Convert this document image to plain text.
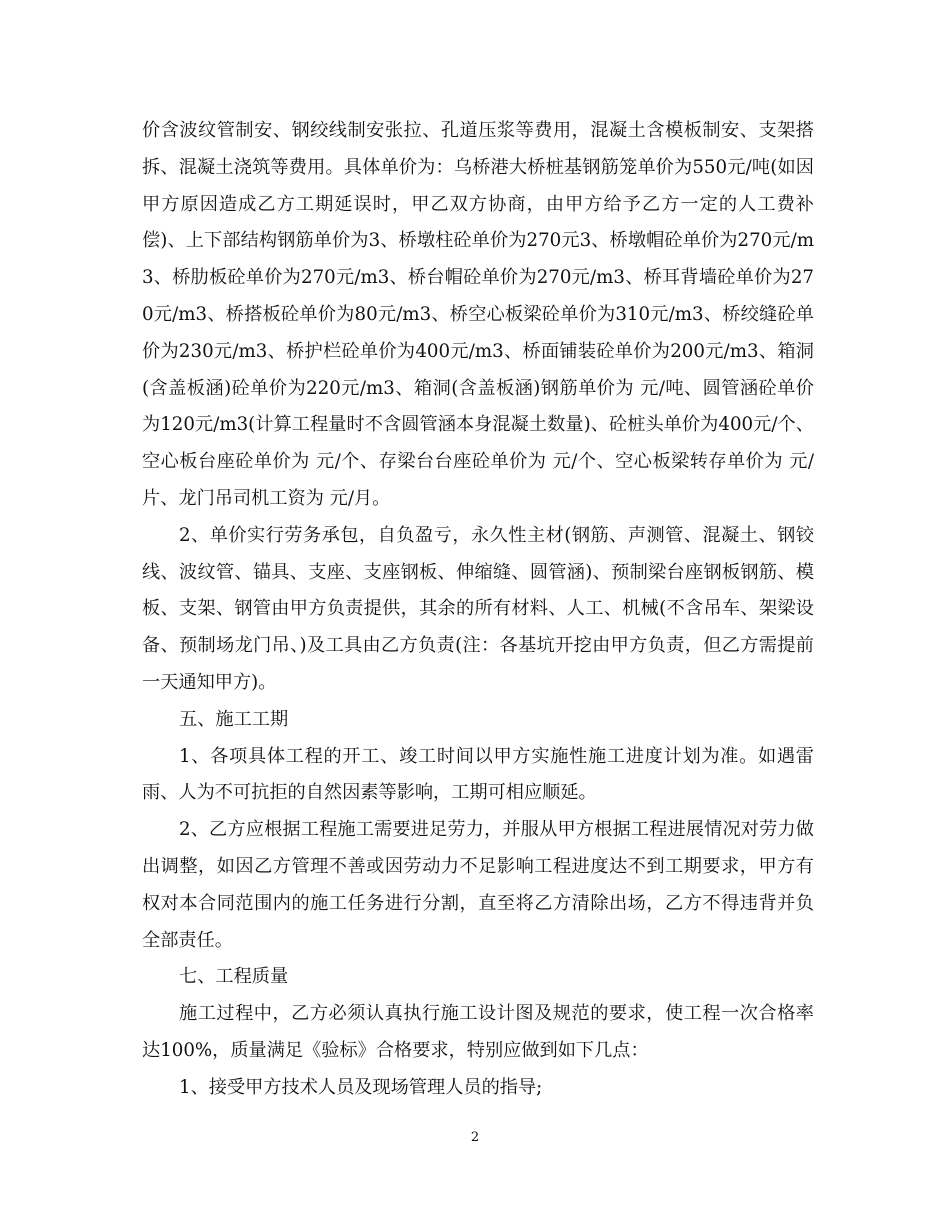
价含波纹管制安、钢绞线制安张拉、孔道压浆等费用，混凝土含模板制安、支架搭拆、混凝土浇筑等费用。具体单价为：乌桥港大桥桩基钢筋笼单价为550元/吨(如因甲方原因造成乙方工期延误时，甲乙双方协商，由甲方给予乙方一定的人工费补偿)、上下部结构钢筋单价为3、桥墩柱砼单价为270元3、桥墩帽砼单价为270元/m3、桥肋板砼单价为270元/m3、桥台帽砼单价为270元/m3、桥耳背墙砼单价为270元/m3、桥搭板砼单价为80元/m3、桥空心板梁砼单价为310元/m3、桥绞缝砼单价为230元/m3、桥护栏砼单价为400元/m3、桥面铺装砼单价为200元/m3、箱洞(含盖板涵)砼单价为220元/m3、箱洞(含盖板涵)钢筋单价为 元/吨、圆管涵砼单价为120元/m3(计算工程量时不含圆管涵本身混凝土数量)、砼桩头单价为400元/个、空心板台座砼单价为 元/个、存梁台台座砼单价为 元/个、空心板梁转存单价为 元/片、龙门吊司机工资为 元/月。

2、单价实行劳务承包，自负盈亏，永久性主材(钢筋、声测管、混凝土、钢铰线、波纹管、锚具、支座、支座钢板、伸缩缝、圆管涵)、预制梁台座钢板钢筋、模板、支架、钢管由甲方负责提供，其余的所有材料、人工、机械(不含吊车、架梁设备、预制场龙门吊、)及工具由乙方负责(注：各基坑开挖由甲方负责，但乙方需提前一天通知甲方)。

五、施工工期

1、各项具体工程的开工、竣工时间以甲方实施性施工进度计划为准。如遇雷雨、人为不可抗拒的自然因素等影响，工期可相应顺延。

2、乙方应根据工程施工需要进足劳力，并服从甲方根据工程进展情况对劳力做出调整，如因乙方管理不善或因劳动力不足影响工程进度达不到工期要求，甲方有权对本合同范围内的施工任务进行分割，直至将乙方清除出场，乙方不得违背并负全部责任。

七、工程质量

施工过程中，乙方必须认真执行施工设计图及规范的要求，使工程一次合格率达100%，质量满足《验标》合格要求，特别应做到如下几点：

1、接受甲方技术人员及现场管理人员的指导;

2
